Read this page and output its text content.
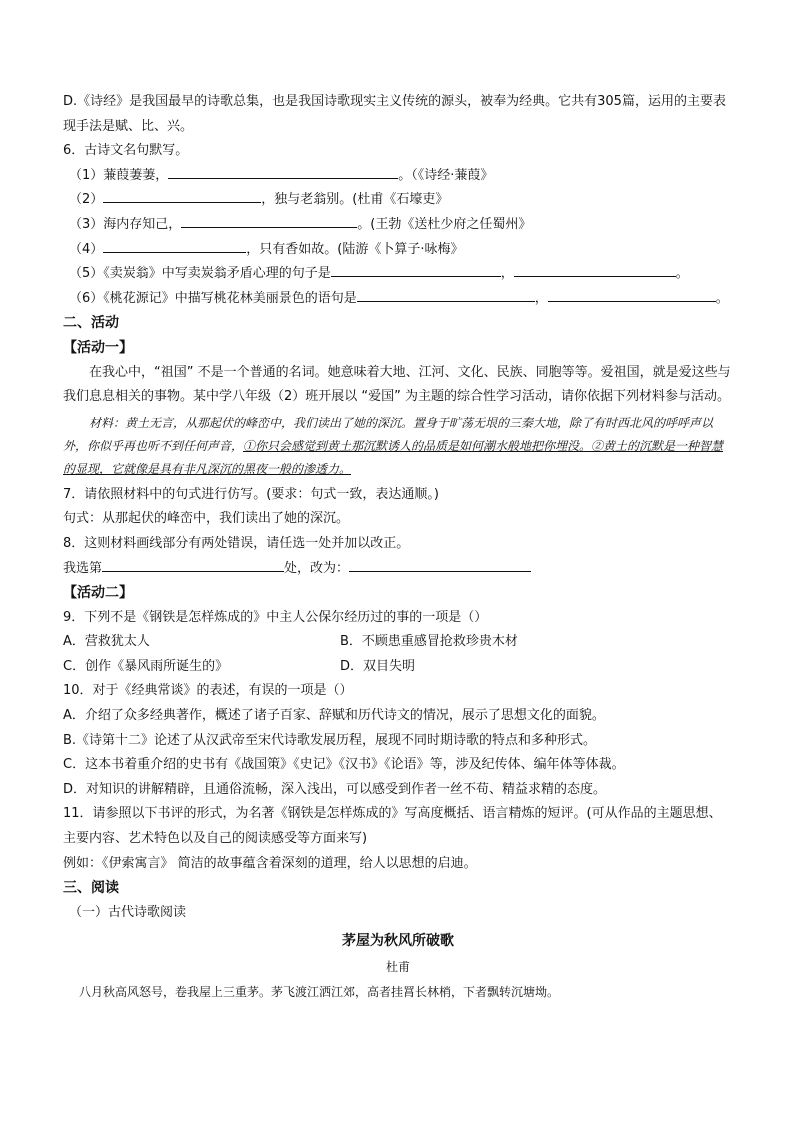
D.《诗经》是我国最早的诗歌总集，也是我国诗歌现实主义传统的源头，被奉为经典。它共有305篇，运用的主要表现手法是赋、比、兴。

6．古诗文名句默写。

（1）蒹葭萋萋，	。（《诗经·蒹葭》

（2）	，独与老翁别。(杜甫《石壕吏》

（3）海内存知己，	。(王勃《送杜少府之任蜀州》

（4）	，只有香如故。(陆游《卜算子·咏梅》

（5）《卖炭翁》中写卖炭翁矛盾心理的句子是	，	。

（6）《桃花源记》中描写桃花林美丽景色的语句是	，	。

二、活动

【活动一】

在我心中，“祖国” 不是一个普通的名词。她意味着大地、江河、文化、民族、同胞等等。爱祖国，就是爱这些与我们息息相关的事物。某中学八年级（2）班开展以 “爱国” 为主题的综合性学习活动，请你依据下列材料参与活动。

材料：黄土无言，从那起伏的峰峦中，我们读出了她的深沉。置身于旷荡无垠的三秦大地，除了有时西北风的呼呼声以外，你似乎再也听不到任何声音，①你只会感觉到黄土那沉默诱人的品质是如何潮水般地把你埋没。②黄土的沉默是一种智慧的显现，它就像是具有非凡深沉的黑夜一般的渗透力。

7．请依照材料中的句式进行仿写。(要求：句式一致，表达通顺。)

句式：从那起伏的峰峦中，我们读出了她的深沉。

8．这则材料画线部分有两处错误，请任选一处并加以改正。

我选第	处，改为：

【活动二】

9．下列不是《钢铁是怎样炼成的》中主人公保尔经历过的事的一项是（）

A．营救犹太人	B．不顾患重感冒抢救珍贵木材

C．创作《暴风雨所诞生的》	D．双目失明

10．对于《经典常谈》的表述，有误的一项是（）

A．介绍了众多经典著作，概述了诸子百家、辞赋和历代诗文的情况，展示了思想文化的面貌。

B.《诗第十二》论述了从汉武帝至宋代诗歌发展历程，展现不同时期诗歌的特点和多种形式。

C．这本书着重介绍的史书有《战国策》《史记》《汉书》《论语》等，涉及纪传体、编年体等体裁。

D．对知识的讲解精辟，且通俗流畅，深入浅出，可以感受到作者一丝不苟、精益求精的态度。

11．请参照以下书评的形式，为名著《钢铁是怎样炼成的》写高度概括、语言精炼的短评。(可从作品的主题思想、主要内容、艺术特色以及自己的阅读感受等方面来写)

例如：《伊索寓言》 简洁的故事蕴含着深刻的道理，给人以思想的启迪。

三、阅读

（一）古代诗歌阅读

茅屋为秋风所破歌

杜甫

八月秋高风怒号，卷我屋上三重茅。茅飞渡江洒江郊，高者挂罥长林梢，下者飘转沉塘坳。
